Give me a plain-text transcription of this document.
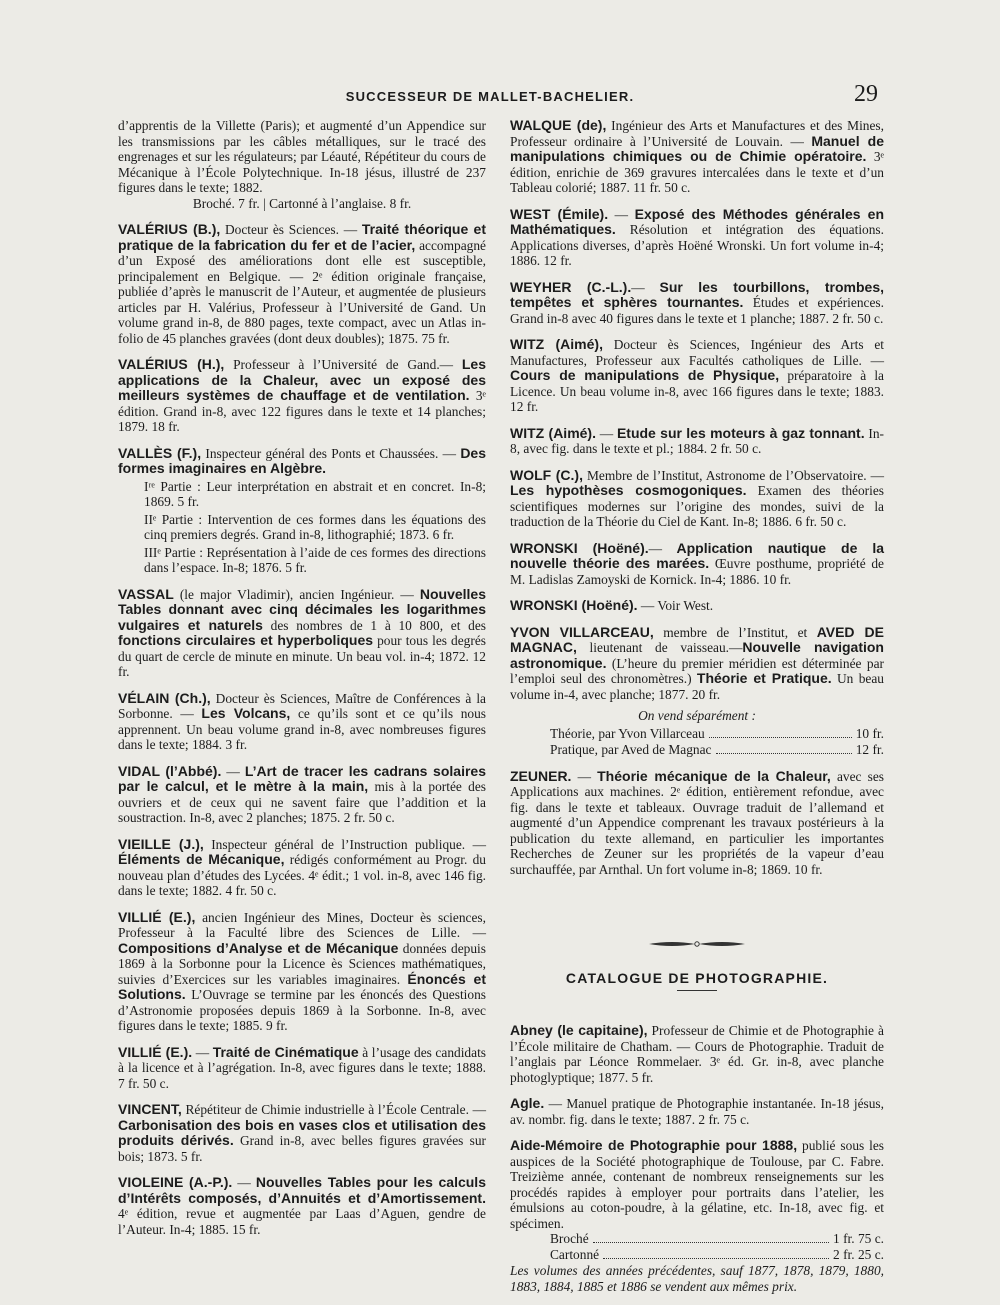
SUCCESSEUR DE MALLET-BACHELIER.	29
d’apprentis de la Villette (Paris); et augmenté d’un Appendice sur les transmissions par les câbles métalliques, sur le tracé des engrenages et sur les régulateurs; par Léauté, Répétiteur du cours de Mécanique à l’École Polytechnique. In-18 jésus, illustré de 237 figures dans le texte; 1882.
Broché. 7 fr. | Cartonné à l’anglaise. 8 fr.
VALÉRIUS (B.), Docteur ès Sciences. — Traité théorique et pratique de la fabrication du fer et de l’acier, accompagné d’un Exposé des améliorations dont elle est susceptible, principalement en Belgique. — 2ᵉ édition originale française, publiée d’après le manuscrit de l’Auteur, et augmentée de plusieurs articles par H. Valérius, Professeur à l’Université de Gand. Un volume grand in-8, de 880 pages, texte compact, avec un Atlas in-folio de 45 planches gravées (dont deux doubles); 1875. 75 fr.
VALÉRIUS (H.), Professeur à l’Université de Gand.— Les applications de la Chaleur, avec un exposé des meilleurs systèmes de chauffage et de ventilation. 3ᵉ édition. Grand in-8, avec 122 figures dans le texte et 14 planches; 1879. 18 fr.
VALLÈS (F.), Inspecteur général des Ponts et Chaussées. — Des formes imaginaires en Algèbre.
Iʳᵉ Partie : Leur interprétation en abstrait et en concret. In-8; 1869. 5 fr.
IIᵉ Partie : Intervention de ces formes dans les équations des cinq premiers degrés. Grand in-8, lithographié; 1873. 6 fr.
IIIᵉ Partie : Représentation à l’aide de ces formes des directions dans l’espace. In-8; 1876. 5 fr.
VASSAL (le major Vladimir), ancien Ingénieur. — Nouvelles Tables donnant avec cinq décimales les logarithmes vulgaires et naturels des nombres de 1 à 10 800, et des fonctions circulaires et hyperboliques pour tous les degrés du quart de cercle de minute en minute. Un beau vol. in-4; 1872. 12 fr.
VÉLAIN (Ch.), Docteur ès Sciences, Maître de Conférences à la Sorbonne. — Les Volcans, ce qu’ils sont et ce qu’ils nous apprennent. Un beau volume grand in-8, avec nombreuses figures dans le texte; 1884. 3 fr.
VIDAL (l’Abbé). — L’Art de tracer les cadrans solaires par le calcul, et le mètre à la main, mis à la portée des ouvriers et de ceux qui ne savent faire que l’addition et la soustraction. In-8, avec 2 planches; 1875. 2 fr. 50 c.
VIEILLE (J.), Inspecteur général de l’Instruction publique. — Éléments de Mécanique, rédigés conformément au Progr. du nouveau plan d’études des Lycées. 4ᵉ édit.; 1 vol. in-8, avec 146 fig. dans le texte; 1882. 4 fr. 50 c.
VILLIÉ (E.), ancien Ingénieur des Mines, Docteur ès sciences, Professeur à la Faculté libre des Sciences de Lille. — Compositions d’Analyse et de Mécanique données depuis 1869 à la Sorbonne pour la Licence ès Sciences mathématiques, suivies d’Exercices sur les variables imaginaires. Énoncés et Solutions. L’Ouvrage se termine par les énoncés des Questions d’Astronomie proposées depuis 1869 à la Sorbonne. In-8, avec figures dans le texte; 1885. 9 fr.
VILLIÉ (E.). — Traité de Cinématique à l’usage des candidats à la licence et à l’agrégation. In-8, avec figures dans le texte; 1888. 7 fr. 50 c.
VINCENT, Répétiteur de Chimie industrielle à l’École Centrale. — Carbonisation des bois en vases clos et utilisation des produits dérivés. Grand in-8, avec belles figures gravées sur bois; 1873. 5 fr.
VIOLEINE (A.-P.). — Nouvelles Tables pour les calculs d’Intérêts composés, d’Annuités et d’Amortissement. 4ᵉ édition, revue et augmentée par Laas d’Aguen, gendre de l’Auteur. In-4; 1885. 15 fr.
WALQUE (de), Ingénieur des Arts et Manufactures et des Mines, Professeur ordinaire à l’Université de Louvain. — Manuel de manipulations chimiques ou de Chimie opératoire. 3ᵉ édition, enrichie de 369 gravures intercalées dans le texte et d’un Tableau colorié; 1887. 11 fr. 50 c.
WEST (Émile). — Exposé des Méthodes générales en Mathématiques. Résolution et intégration des équations. Applications diverses, d’après Hoëné Wronski. Un fort volume in-4; 1886. 12 fr.
WEYHER (C.-L.).— Sur les tourbillons, trombes, tempêtes et sphères tournantes. Études et expériences. Grand in-8 avec 40 figures dans le texte et 1 planche; 1887. 2 fr. 50 c.
WITZ (Aimé), Docteur ès Sciences, Ingénieur des Arts et Manufactures, Professeur aux Facultés catholiques de Lille. — Cours de manipulations de Physique, préparatoire à la Licence. Un beau volume in-8, avec 166 figures dans le texte; 1883. 12 fr.
WITZ (Aimé). — Etude sur les moteurs à gaz tonnant. In-8, avec fig. dans le texte et pl.; 1884. 2 fr. 50 c.
WOLF (C.), Membre de l’Institut, Astronome de l’Observatoire. — Les hypothèses cosmogoniques. Examen des théories scientifiques modernes sur l’origine des mondes, suivi de la traduction de la Théorie du Ciel de Kant. In-8; 1886. 6 fr. 50 c.
WRONSKI (Hoëné).— Application nautique de la nouvelle théorie des marées. Œuvre posthume, propriété de M. Ladislas Zamoyski de Kornick. In-4; 1886. 10 fr.
WRONSKI (Hoëné). — Voir West.
YVON VILLARCEAU, membre de l’Institut, et AVED DE MAGNAC, lieutenant de vaisseau.—Nouvelle navigation astronomique. (L’heure du premier méridien est déterminée par l’emploi seul des chronomètres.) Théorie et Pratique. Un beau volume in-4, avec planche; 1877. 20 fr.
On vend séparément :
Théorie, par Yvon Villarceau	10 fr.
Pratique, par Aved de Magnac	12 fr.
ZEUNER. — Théorie mécanique de la Chaleur, avec ses Applications aux machines. 2ᵉ édition, entièrement refondue, avec fig. dans le texte et tableaux. Ouvrage traduit de l’allemand et augmenté d’un Appendice comprenant les travaux postérieurs à la publication du texte allemand, en particulier les importantes Recherches de Zeuner sur les propriétés de la vapeur d’eau surchauffée, par Arnthal. Un fort volume in-8; 1869. 10 fr.
CATALOGUE DE PHOTOGRAPHIE.
Abney (le capitaine), Professeur de Chimie et de Photographie à l’École militaire de Chatham. — Cours de Photographie. Traduit de l’anglais par Léonce Rommelaer. 3ᵉ éd. Gr. in-8, avec planche photoglyptique; 1877. 5 fr.
Agle. — Manuel pratique de Photographie instantanée. In-18 jésus, av. nombr. fig. dans le texte; 1887. 2 fr. 75 c.
Aide-Mémoire de Photographie pour 1888, publié sous les auspices de la Société photographique de Toulouse, par C. Fabre. Treizième année, contenant de nombreux renseignements sur les procédés rapides à employer pour portraits dans l’atelier, les émulsions au coton-poudre, à la gélatine, etc. In-18, avec fig. et spécimen.
Broché	1 fr. 75 c.
Cartonné	2 fr. 25 c.
Les volumes des années précédentes, sauf 1877, 1878, 1879, 1880, 1883, 1884, 1885 et 1886 se vendent aux mêmes prix.
